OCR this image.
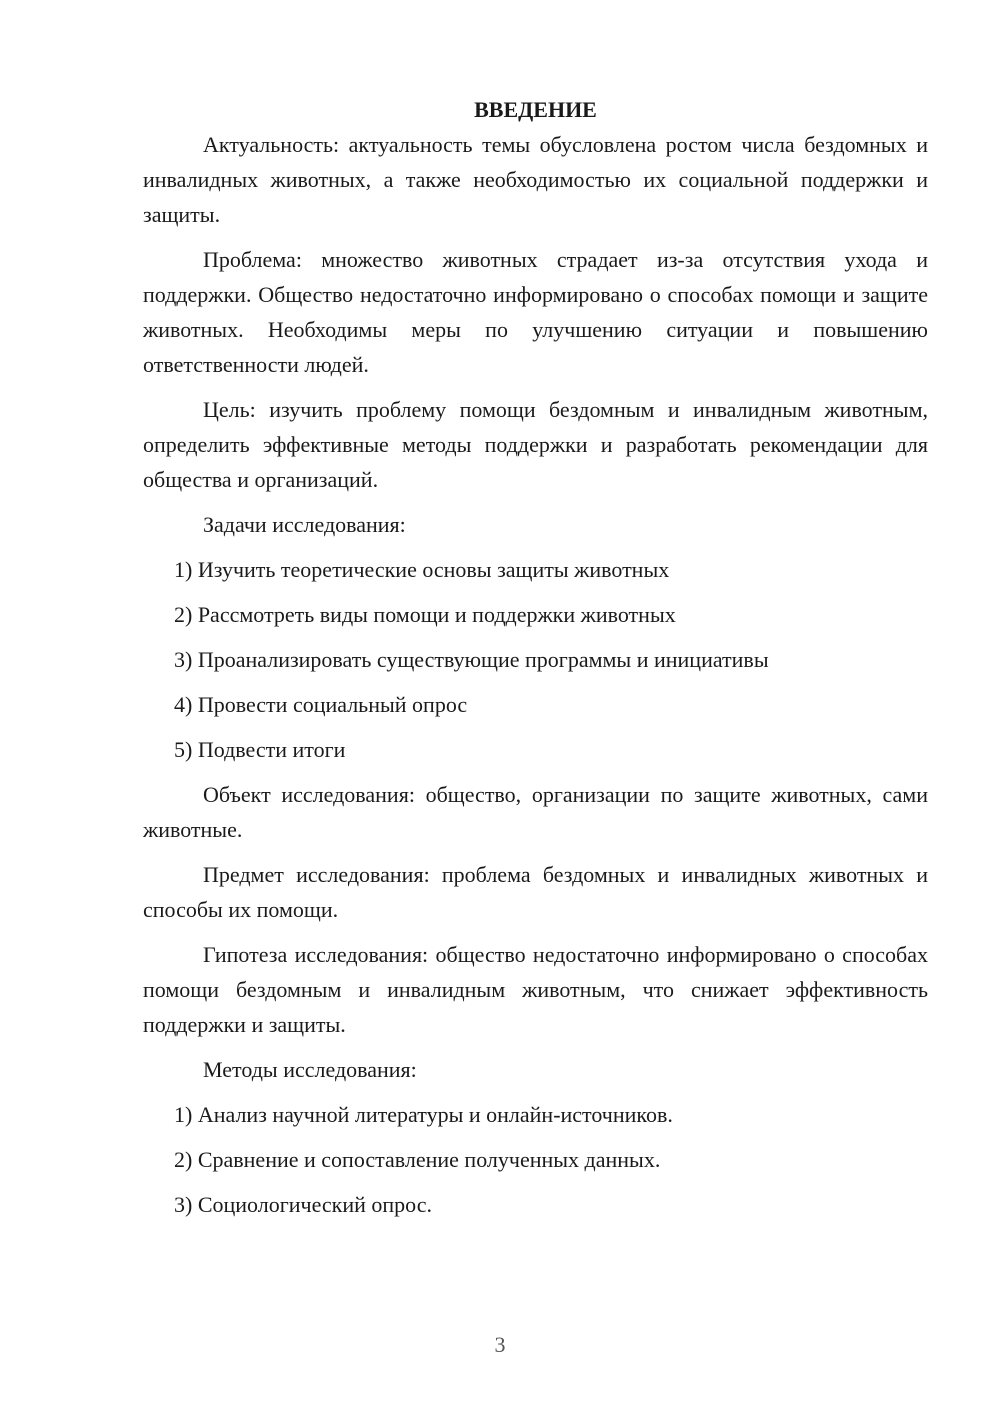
ВВЕДЕНИЕ

Актуальность: актуальность темы обусловлена ростом числа бездомных и инвалидных животных, а также необходимостью их социальной поддержки и защиты.

Проблема: множество животных страдает из-за отсутствия ухода и поддержки. Общество недостаточно информировано о способах помощи и защите животных. Необходимы меры по улучшению ситуации и повышению ответственности людей.

Цель: изучить проблему помощи бездомным и инвалидным животным, определить эффективные методы поддержки и разработать рекомендации для общества и организаций.

Задачи исследования:

1) Изучить теоретические основы защиты животных

2) Рассмотреть виды помощи и поддержки животных

3) Проанализировать существующие программы и инициативы

4) Провести социальный опрос

5) Подвести итоги

Объект исследования: общество, организации по защите животных, сами животные.

Предмет исследования: проблема бездомных и инвалидных животных и способы их помощи.

Гипотеза исследования: общество недостаточно информировано о способах помощи бездомным и инвалидным животным, что снижает эффективность поддержки и защиты.

Методы исследования:

1) Анализ научной литературы и онлайн-источников.

2) Сравнение и сопоставление полученных данных.

3) Социологический опрос.

3
